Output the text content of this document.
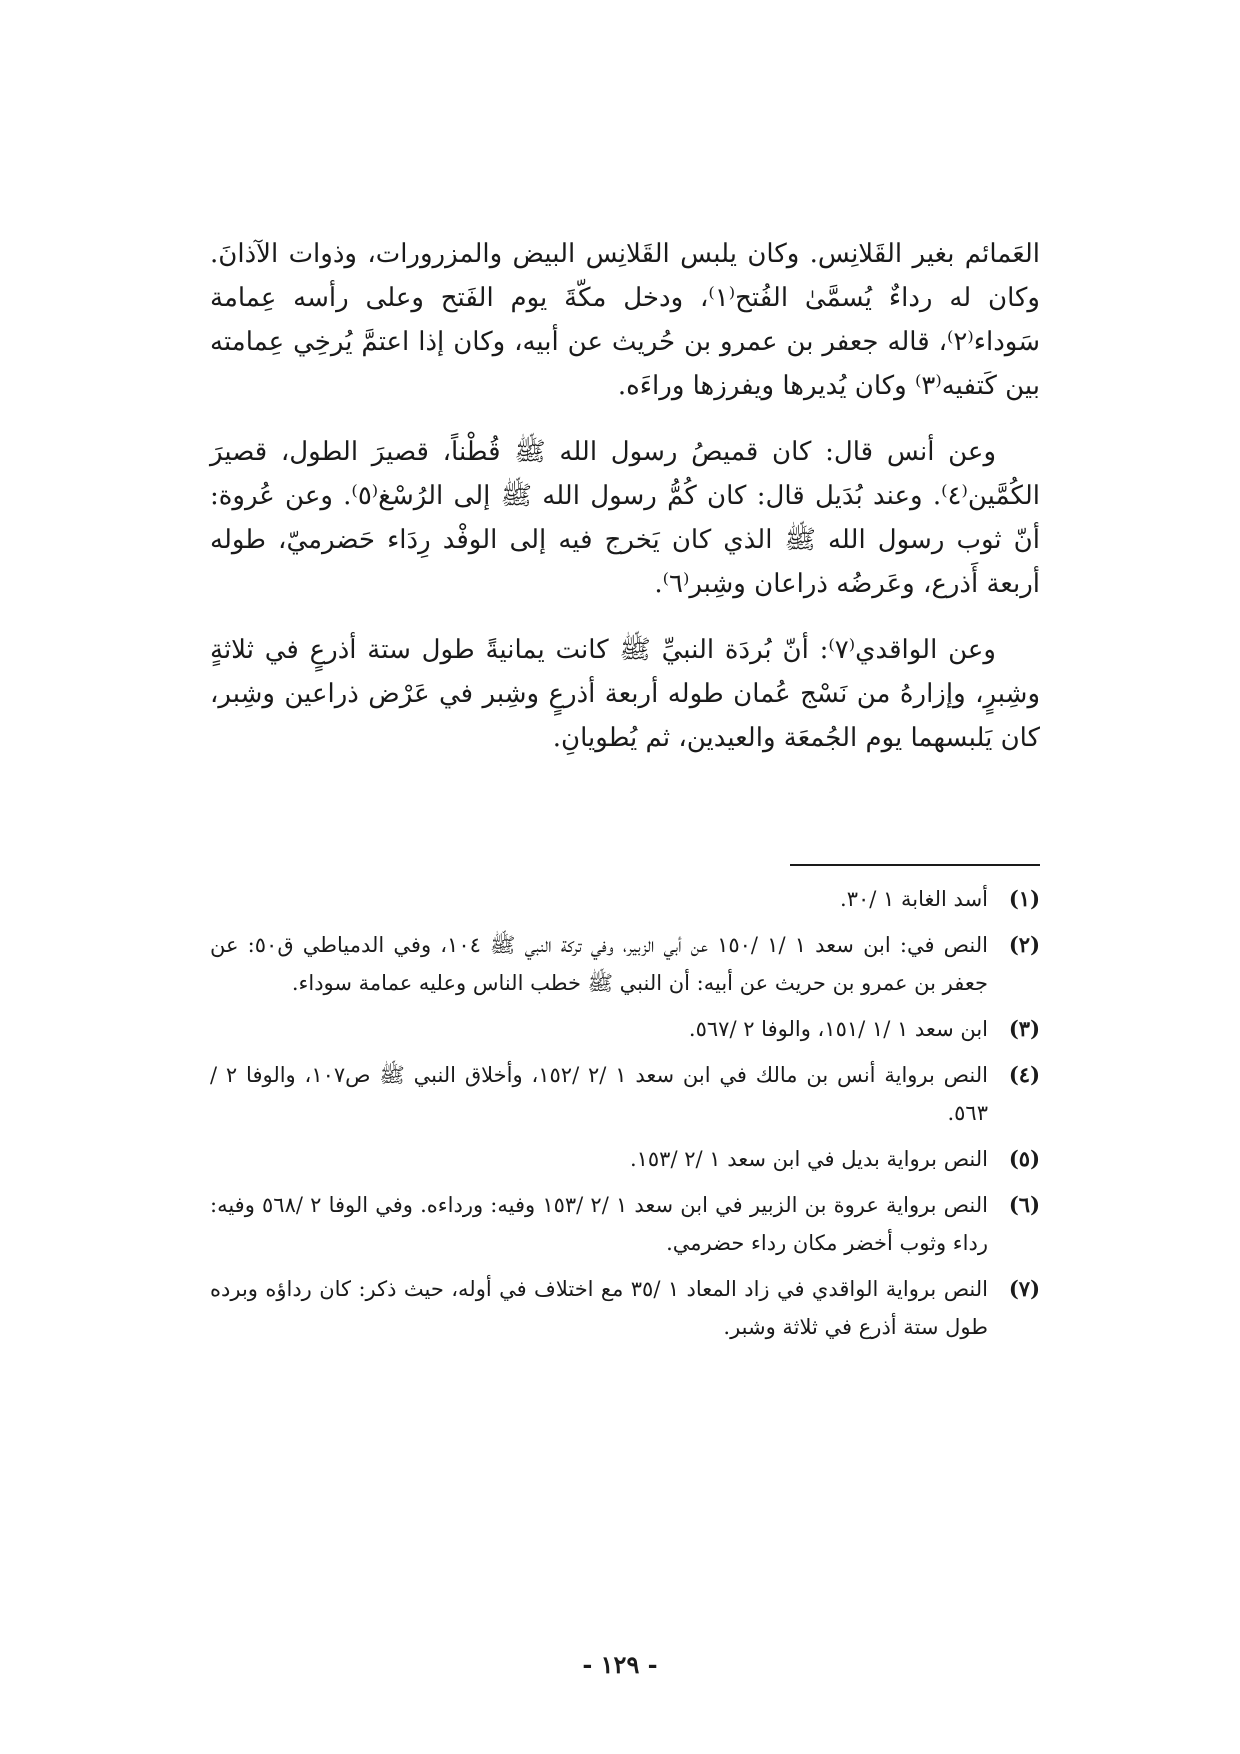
العَمائم بغير القَلانِس. وكان يلبس القَلانِس البيض والمزرورات، وذوات الآذانَ. وكان له رداءٌ يُسمَّىٰ الفُتح⁽١⁾، ودخل مكّةَ يوم الفَتح وعلى رأسه عِمامة سَوداء⁽٢⁾، قاله جعفر بن عمرو بن حُريث عن أبيه، وكان إذا اعتمَّ يُرخِي عِمامته بين كَتفيه⁽٣⁾ وكان يُديرها ويفرزها وراءَه.

وعن أنس قال: كان قميصُ رسول الله ﷺ قُطْناً، قصيرَ الطول، قصيرَ الكُمَّين⁽٤⁾. وعند بُدَيل قال: كان كُمُّ رسول الله ﷺ إلى الرُسْغ⁽٥⁾. وعن عُروة: أنّ ثوب رسول الله ﷺ الذي كان يَخرج فيه إلى الوفْد رِدَاء حَضرميّ، طوله أربعة أَذرع، وعَرضُه ذراعان وشِبر⁽٦⁾.

وعن الواقدي⁽٧⁾: أنّ بُردَة النبيِّ ﷺ كانت يمانيةً طول ستة أذرعٍ في ثلاثةٍ وشِبرٍ، وإزارهُ من نَسْج عُمان طوله أربعة أذرعٍ وشِبر في عَرْض ذراعين وشِبر، كان يَلبسهما يوم الجُمعَة والعيدين، ثم يُطويانِ.

(١)
أسد الغابة ١ /٣٠.
(٢)
النص في: ابن سعد ١ /١ /١٥٠ عن أبي الزبير، وفي تركة النبي ﷺ ١٠٤، وفي الدمياطي ق٥٠: عن جعفر بن عمرو بن حريث عن أبيه: أن النبي ﷺ خطب الناس وعليه عمامة سوداء.
(٣)
ابن سعد ١ /١ /١٥١، والوفا ٢ /٥٦٧.
(٤)
النص برواية أنس بن مالك في ابن سعد ١ /٢ /١٥٢، وأخلاق النبي ﷺ ص١٠٧، والوفا ٢ /٥٦٣.
(٥)
النص برواية بديل في ابن سعد ١ /٢ /١٥٣.
(٦)
النص برواية عروة بن الزبير في ابن سعد ١ /٢ /١٥٣ وفيه: ورداءه. وفي الوفا ٢ /٥٦٨ وفيه: رداء وثوب أخضر مكان رداء حضرمي.
(٧)
النص برواية الواقدي في زاد المعاد ١ /٣٥ مع اختلاف في أوله، حيث ذكر: كان رداؤه وبرده طول ستة أذرع في ثلاثة وشبر.
- ١٢٩ -
